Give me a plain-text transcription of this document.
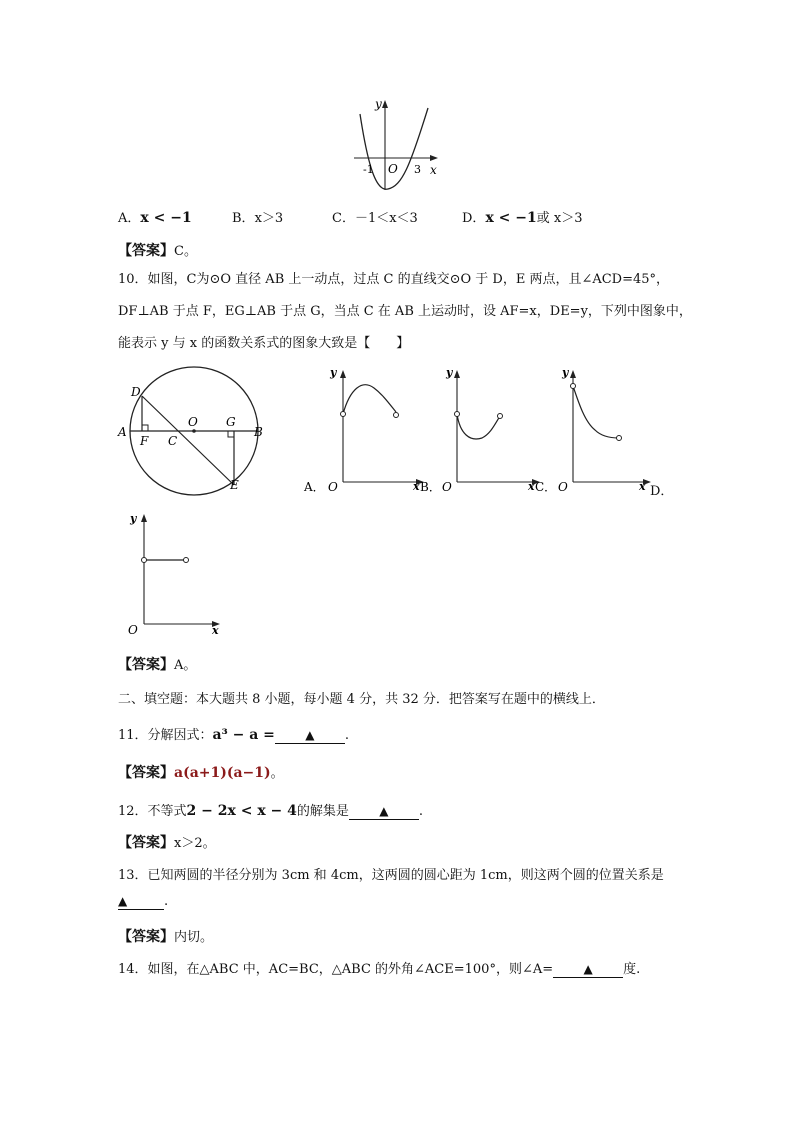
y
x
O
-1	3
A．x < −1	B．x＞3	C．－1＜x＜3	D．x < −1或 x＞3
【答案】C。
10．如图，C为⊙O 直径 AB 上一动点，过点 C 的直线交⊙O 于 D，E 两点，且∠ACD=45°，
DF⊥AB 于点 F，EG⊥AB 于点 G，当点 C 在 AB 上运动时，设 AF=x，DE=y，下列中图象中，
能表示 y 与 x 的函数关系式的图象大致是【　　】
D
A
F C
O G
B
E
y
x
O
A．
y
x
O
B．
y
x
O
C．	D．
y
x
O
【答案】A。
二、填空题：本大题共 8 小题，每小题 4 分，共 32 分．把答案写在题中的横线上．
11．分解因式：a³ − a =	▲ .
【答案】a(a+1)(a−1)。
12．不等式2 − 2x < x − 4的解集是	▲ .
【答案】x＞2。
13．已知两圆的半径分别为 3cm 和 4cm，这两圆的圆心距为 1cm，则这两个圆的位置关系是
▲	.
【答案】内切。
14．如图，在△ABC 中，AC=BC，△ABC 的外角∠ACE=100°，则∠A=	▲ 度.
